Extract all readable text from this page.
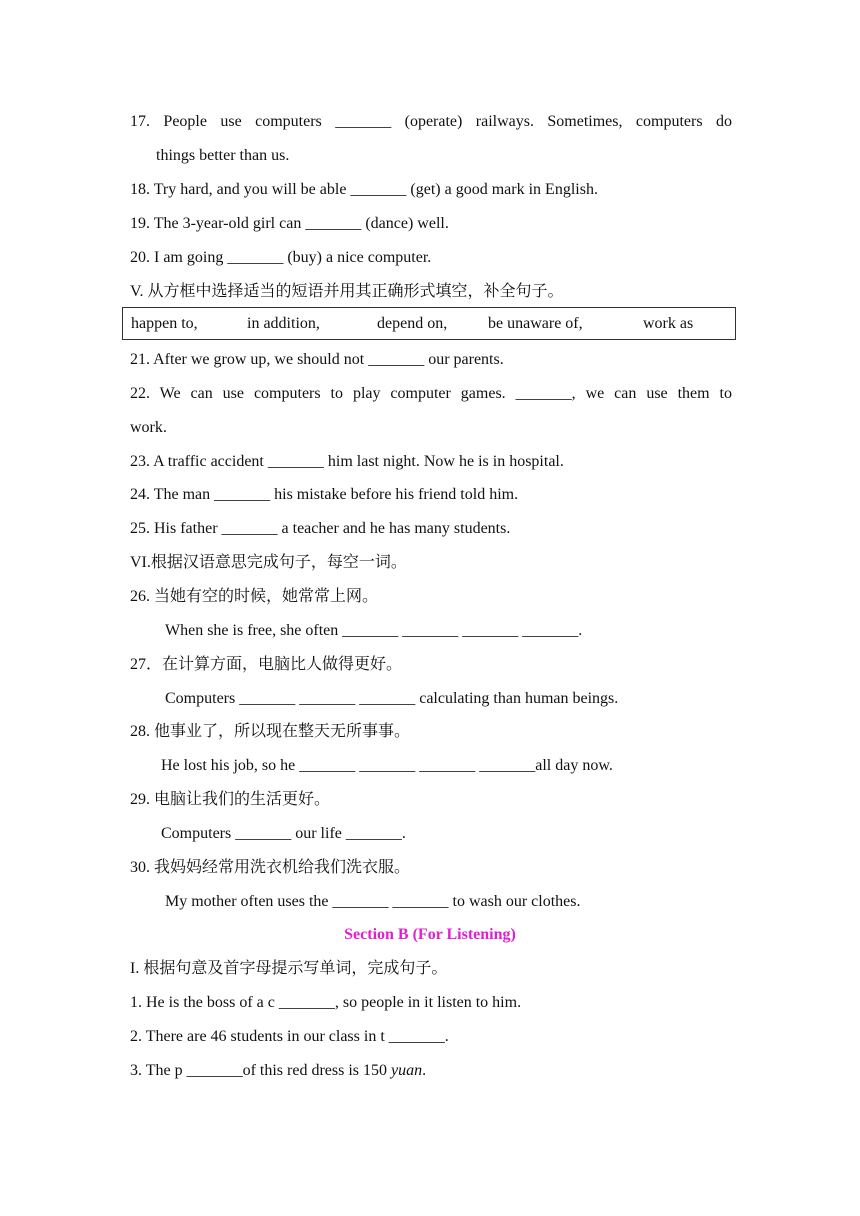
17. People use computers _______ (operate) railways. Sometimes, computers do
things better than us.
18. Try hard, and you will be able _______ (get) a good mark in English.
19. The 3-year-old girl can _______ (dance) well.
20. I am going _______ (buy) a nice computer.
V. 从方框中选择适当的短语并用其正确形式填空，补全句子。
happen to,	in addition,	depend on,	be unaware of,	work as
21. After we grow up, we should not _______ our parents.
22. We can use computers to play computer games. _______, we can use them to
work.
23. A traffic accident _______ him last night. Now he is in hospital.
24. The man _______ his mistake before his friend told him.
25. His father _______ a teacher and he has many students.
VI.根据汉语意思完成句子，每空一词。
26. 当她有空的时候，她常常上网。
When she is free, she often _______ _______ _______ _______.
27．在计算方面，电脑比人做得更好。
Computers _______ _______ _______ calculating than human beings.
28. 他事业了，所以现在整天无所事事。
He lost his job, so he _______ _______ _______ _______all day now.
29. 电脑让我们的生活更好。
Computers _______ our life _______.
30. 我妈妈经常用洗衣机给我们洗衣服。
My mother often uses the _______ _______ to wash our clothes.
Section B (For Listening)
I. 根据句意及首字母提示写单词，完成句子。
1. He is the boss of a c _______, so people in it listen to him.
2. There are 46 students in our class in t _______.
3. The p _______of this red dress is 150 yuan.
